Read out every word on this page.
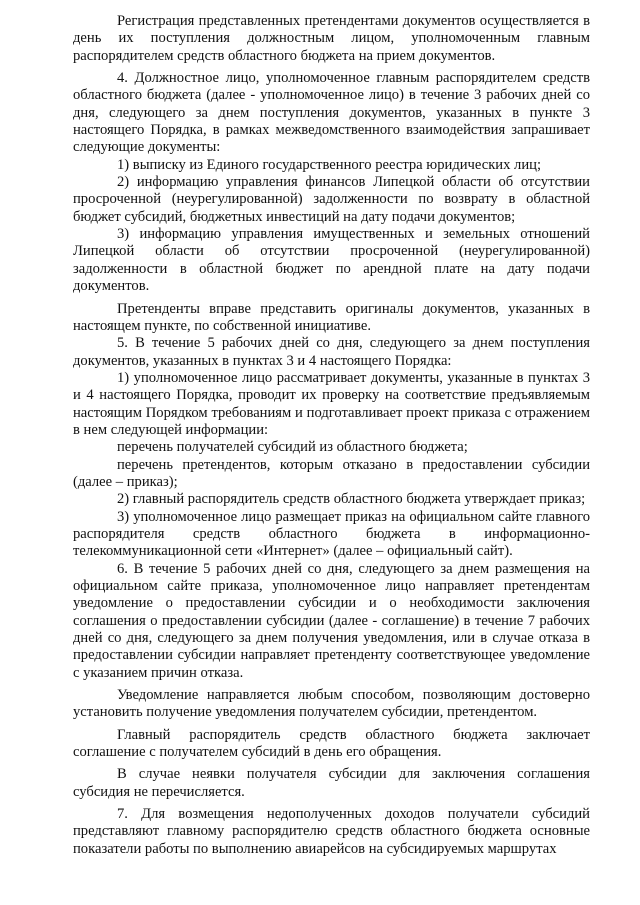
Регистрация представленных претендентами документов осуществляется в день их поступления должностным лицом, уполномоченным главным распорядителем средств областного бюджета на прием документов.

4. Должностное лицо, уполномоченное главным распорядителем средств областного бюджета (далее - уполномоченное лицо) в течение 3 рабочих дней со дня, следующего за днем поступления документов, указанных в пункте 3 настоящего Порядка, в рамках межведомственного взаимодействия запрашивает следующие документы:

1) выписку из Единого государственного реестра юридических лиц;

2) информацию управления финансов Липецкой области об отсутствии просроченной (неурегулированной) задолженности по возврату в областной бюджет субсидий, бюджетных инвестиций на дату подачи документов;

3) информацию управления имущественных и земельных отношений Липецкой области об отсутствии просроченной (неурегулированной) задолженности в областной бюджет по арендной плате на дату подачи документов.

Претенденты вправе представить оригиналы документов, указанных в настоящем пункте, по собственной инициативе.

5. В течение 5 рабочих дней со дня, следующего за днем поступления документов, указанных в пунктах 3 и 4 настоящего Порядка:

1) уполномоченное лицо рассматривает документы, указанные в пунктах 3 и 4 настоящего Порядка, проводит их проверку на соответствие предъявляемым настоящим Порядком требованиям и подготавливает проект приказа с отражением в нем следующей информации:

перечень получателей субсидий из областного бюджета;

перечень претендентов, которым отказано в предоставлении субсидии (далее – приказ);

2) главный распорядитель средств областного бюджета утверждает приказ;

3) уполномоченное лицо размещает приказ на официальном сайте главного распорядителя средств областного бюджета в информационно-телекоммуникационной сети «Интернет» (далее – официальный сайт).

6. В течение 5 рабочих дней со дня, следующего за днем размещения на официальном сайте приказа, уполномоченное лицо направляет претендентам уведомление о предоставлении субсидии и о необходимости заключения соглашения о предоставлении субсидии (далее - соглашение) в течение 7 рабочих дней со дня, следующего за днем получения уведомления, или в случае отказа в предоставлении субсидии направляет претенденту соответствующее уведомление с указанием причин отказа.

Уведомление направляется любым способом, позволяющим достоверно установить получение уведомления получателем субсидии, претендентом.

Главный распорядитель средств областного бюджета заключает соглашение с получателем субсидий в день его обращения.

В случае неявки получателя субсидии для заключения соглашения субсидия не перечисляется.

7. Для возмещения недополученных доходов получатели субсидий представляют главному распорядителю средств областного бюджета основные показатели работы по выполнению авиарейсов на субсидируемых маршрутах
